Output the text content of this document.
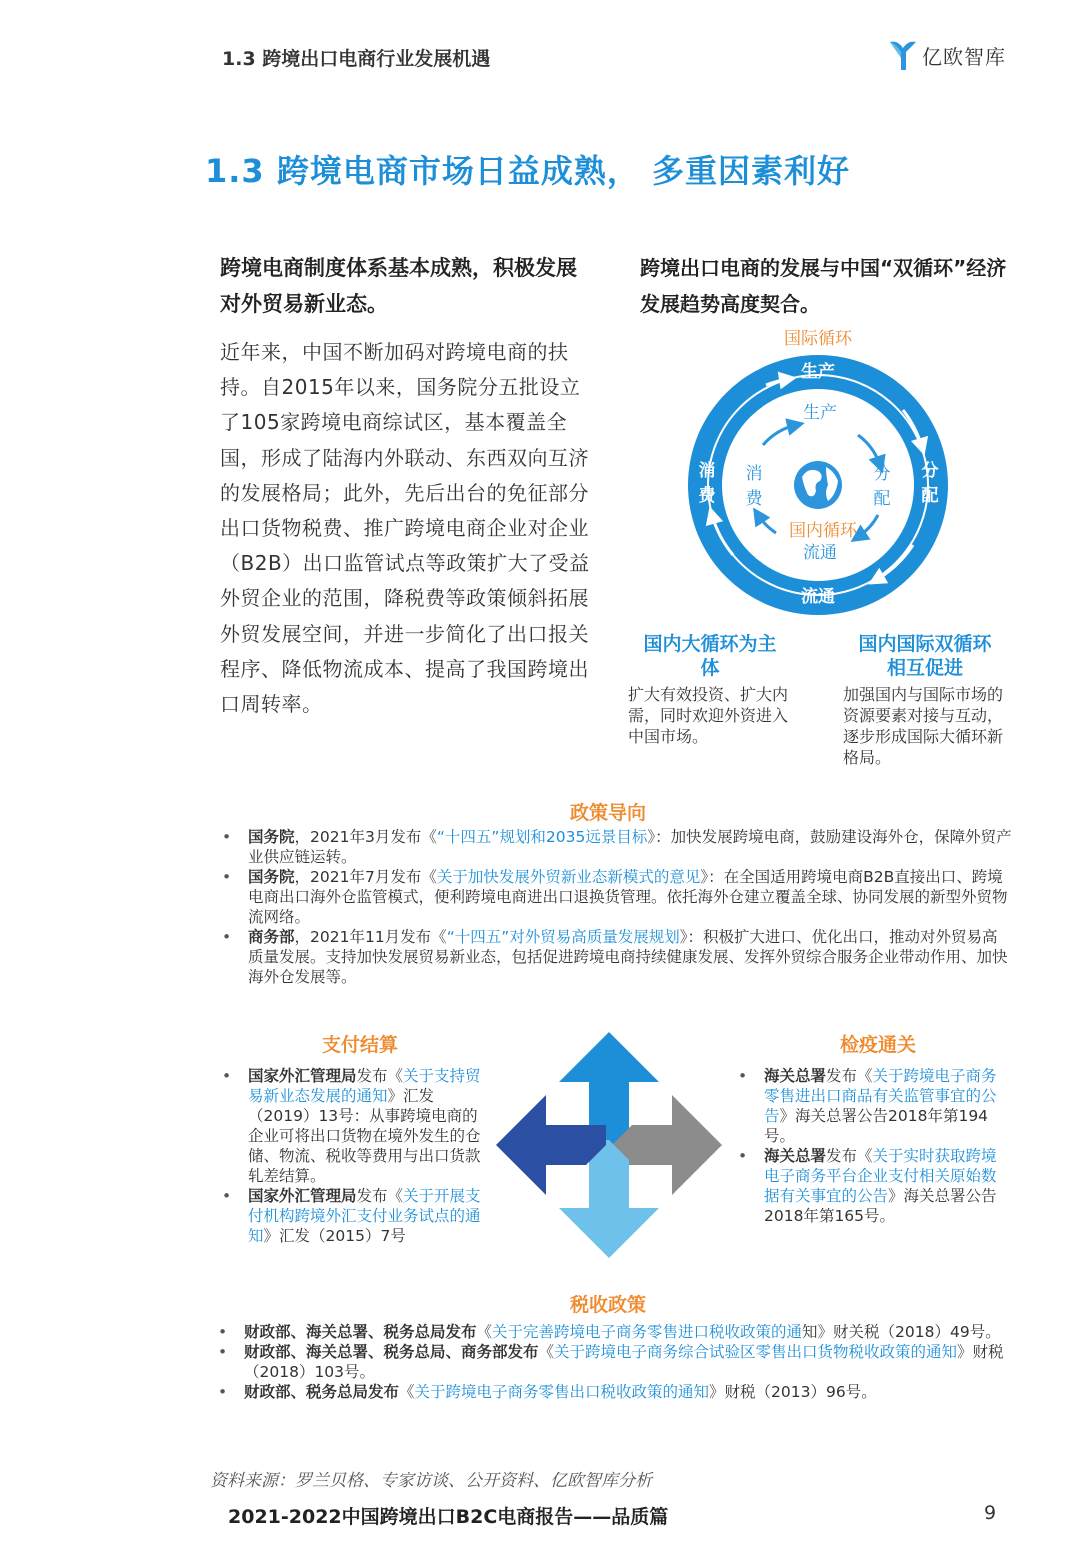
1.3 跨境出口电商行业发展机遇	亿欧智库
1.3 跨境电商市场日益成熟， 多重因素利好
跨境电商制度体系基本成熟，积极发展对外贸易新业态。
近年来，中国不断加码对跨境电商的扶持。自2015年以来，国务院分五批设立了105家跨境电商综试区，基本覆盖全国，形成了陆海内外联动、东西双向互济的发展格局；此外，先后出台的免征部分出口货物税费、推广跨境电商企业对企业（B2B）出口监管试点等政策扩大了受益外贸企业的范围，降税费等政策倾斜拓展外贸发展空间，并进一步简化了出口报关程序、降低物流成本、提高了我国跨境出口周转率。
跨境出口电商的发展与中国“双循环”经济发展趋势高度契合。
国际循环
生产
分配
流通
消费
生产
分配
国内循环
流通
消费
国内大循环为主体
扩大有效投资、扩大内需，同时欢迎外资进入中国市场。
国内国际双循环相互促进
加强国内与国际市场的资源要素对接与互动，逐步形成国际大循环新格局。
政策导向
• 国务院，2021年3月发布《“十四五”规划和2035远景目标》：加快发展跨境电商，鼓励建设海外仓，保障外贸产业供应链运转。
• 国务院，2021年7月发布《关于加快发展外贸新业态新模式的意见》：在全国适用跨境电商B2B直接出口、跨境电商出口海外仓监管模式，便利跨境电商进出口退换货管理。依托海外仓建立覆盖全球、协同发展的新型外贸物流网络。
• 商务部，2021年11月发布《“十四五”对外贸易高质量发展规划》：积极扩大进口、优化出口，推动对外贸易高质量发展。支持加快发展贸易新业态，包括促进跨境电商持续健康发展、发挥外贸综合服务企业带动作用、加快海外仓发展等。
支付结算
• 国家外汇管理局发布《关于支持贸易新业态发展的通知》汇发（2019）13号：从事跨境电商的企业可将出口货物在境外发生的仓储、物流、税收等费用与出口货款轧差结算。
• 国家外汇管理局发布《关于开展支付机构跨境外汇支付业务试点的通知》汇发（2015）7号
检疫通关
• 海关总署发布《关于跨境电子商务零售进出口商品有关监管事宜的公告》海关总署公告2018年第194号。
• 海关总署发布《关于实时获取跨境电子商务平台企业支付相关原始数据有关事宜的公告》海关总署公告2018年第165号。
税收政策
• 财政部、海关总署、税务总局发布《关于完善跨境电子商务零售进口税收政策的通知》财关税（2018）49号。
• 财政部、海关总署、税务总局、商务部发布《关于跨境电子商务综合试验区零售出口货物税收政策的通知》财税（2018）103号。
• 财政部、税务总局发布《关于跨境电子商务零售出口税收政策的通知》财税（2013）96号。
资料来源：罗兰贝格、专家访谈、公开资料、亿欧智库分析
2021-2022中国跨境出口B2C电商报告——品质篇	9
